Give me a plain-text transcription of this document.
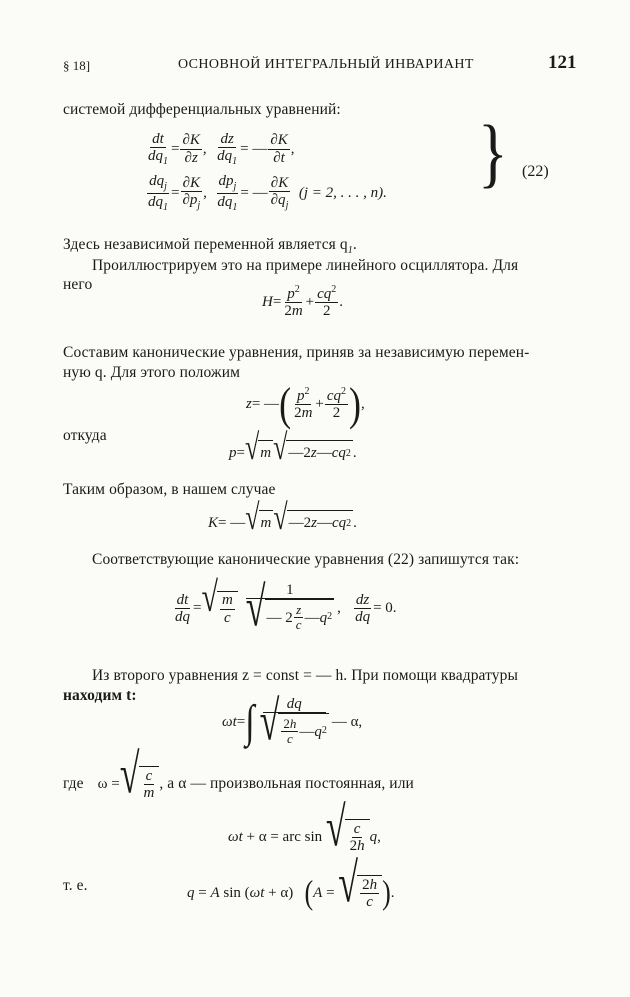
§ 18]	ОСНОВНОЙ ИНТЕГРАЛЬНЫЙ ИНВАРИАНТ	121
системой дифференциальных уравнений:
$\frac{dt}{dq_1} = \frac{\partial K}{\partial z}$ , $\frac{dz}{dq_1}$ = — $\frac{\partial K}{\partial t}$ ,
$\frac{dq_j}{dq_1} = \frac{\partial K}{\partial p_j}$ , $\frac{dp_j}{dq_1}$ = — $\frac{\partial K}{\partial q_j}$
(j = 2, . . . , n). } (22)
Здесь независимой переменной является $q_1$.
Проиллюстрируем это на примере линейного осциллятора. Для
него
$H = \frac{p^2}{2m} + \frac{cq^2}{2}$ .
Составим канонические уравнения, приняв за независимую перемен-
ную q. Для этого положим
z = — ( $\frac{p^2}{2m} + \frac{cq^2}{2}$ ) ,
откуда
p = √ m √ —2 z — cq 2 .
Таким образом, в нашем случае
K = — √ m √ —2 z — cq 2 .
Соответствующие канонические уравнения (22) запишутся так:
$\frac{dt}{dq}$ = √ $\frac{m}{c} \frac{1}{√ — 2 \frac{z}{c} — q 2}$ , $\frac{dz}{dq} = 0$.
Из второго уравнения z = const = — h. При помощи квадратуры
находим t:
ωt = ∫ $\frac{dq}{√ \frac{2h}{c} — q 2}$ — α,
где ω = √ $\frac{c}{m}$ , а α — произвольная постоянная, или
ωt + α = arc sin √ $\frac{c}{2h}$ q ,
т. е.	q = A sin ( ωt + α) ( A = √ $\frac{2h}{c}$ ) .
